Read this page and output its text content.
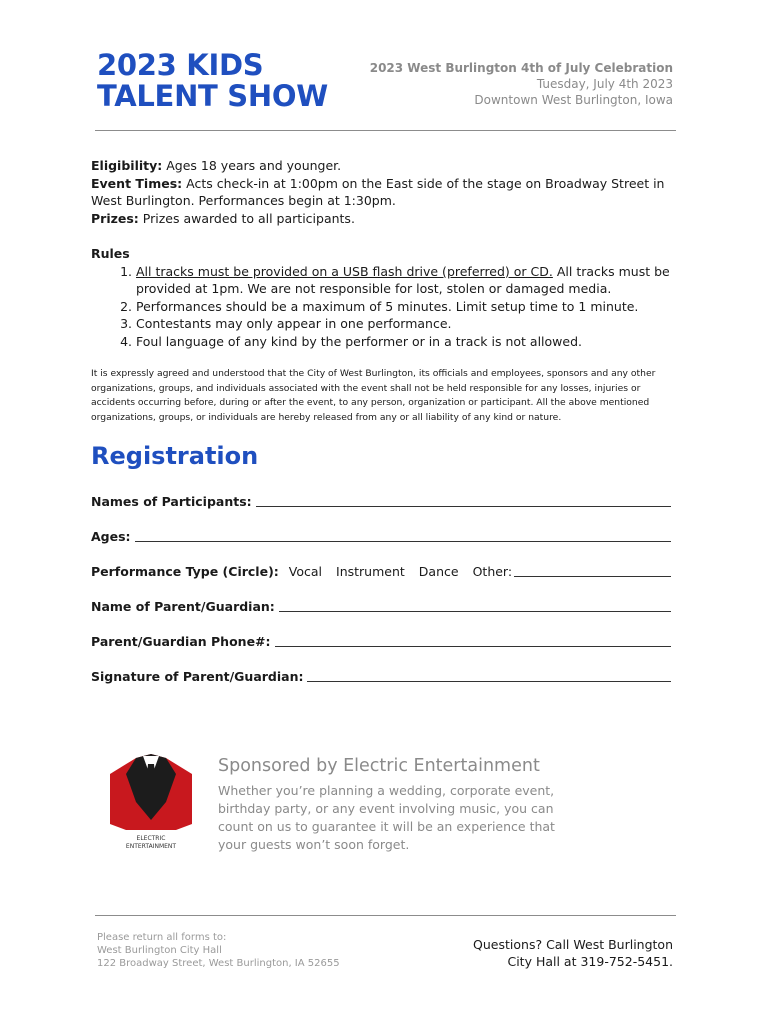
2023 KIDS
TALENT SHOW
2023 West Burlington 4th of July Celebration
Tuesday, July 4th 2023
Downtown West Burlington, Iowa

Eligibility: Ages 18 years and younger.

Event Times: Acts check-in at 1:00pm on the East side of the stage on Broadway Street in West Burlington. Performances begin at 1:30pm.

Prizes: Prizes awarded to all participants.

Rules
1. All tracks must be provided on a USB flash drive (preferred) or CD. All tracks must be provided at 1pm. We are not responsible for lost, stolen or damaged media.
2. Performances should be a maximum of 5 minutes. Limit setup time to 1 minute.
3. Contestants may only appear in one performance.
4. Foul language of any kind by the performer or in a track is not allowed.
It is expressly agreed and understood that the City of West Burlington, its officials and employees, sponsors and any other organizations, groups, and individuals associated with the event shall not be held responsible for any losses, injuries or accidents occurring before, during or after the event, to any person, organization or participant. All the above mentioned organizations, groups, or individuals are hereby released from any or all liability of any kind or nature.
Registration
Names of Participants:
Ages:
Performance Type (Circle): Vocal Instrument Dance Other:
Name of Parent/Guardian:
Parent/Guardian Phone#:
Signature of Parent/Guardian:
ELECTRIC
ENTERTAINMENT
Sponsored by Electric Entertainment
Whether you’re planning a wedding, corporate event, birthday party, or any event involving music, you can count on us to guarantee it will be an experience that your guests won’t soon forget.
Please return all forms to:
West Burlington City Hall
122 Broadway Street, West Burlington, IA 52655
Questions? Call West Burlington City Hall at 319-752-5451.
